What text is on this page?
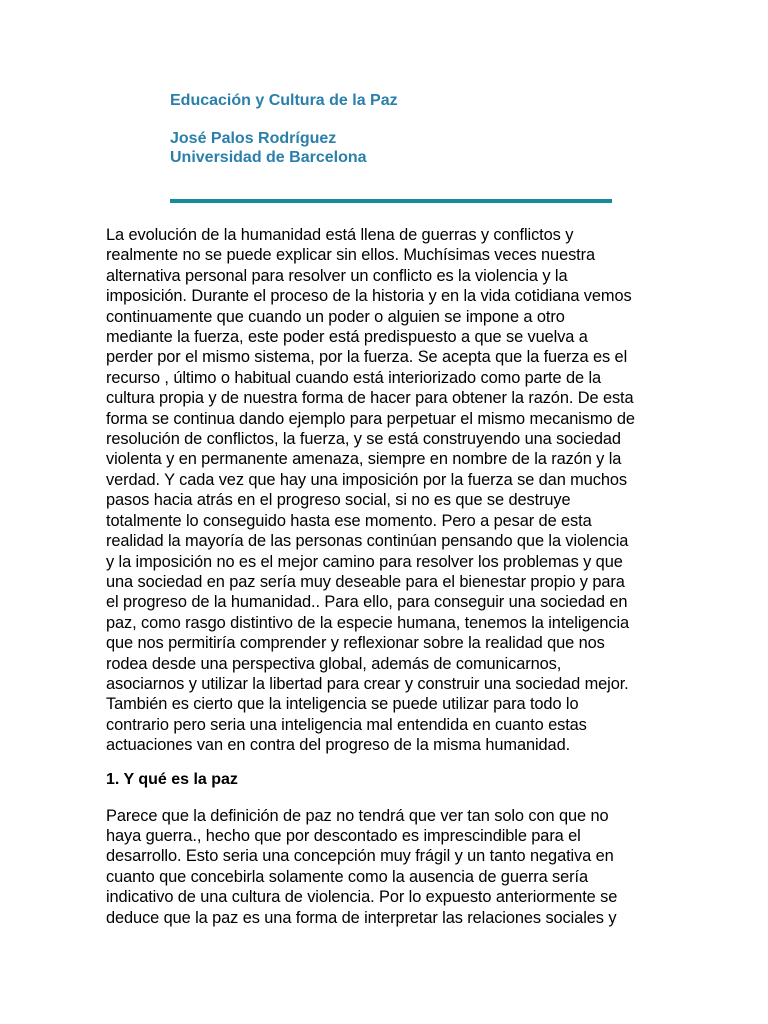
Educación y Cultura de la Paz

José Palos Rodríguez

Universidad de Barcelona

La evolución de la humanidad está llena de guerras y conflictos y
realmente no se puede explicar sin ellos. Muchísimas veces nuestra
alternativa personal para resolver un conflicto es la violencia y la
imposición. Durante el proceso de la historia y en la vida cotidiana vemos
continuamente que cuando un poder o alguien se impone a otro
mediante la fuerza, este poder está predispuesto a que se vuelva a
perder por el mismo sistema, por la fuerza. Se acepta que la fuerza es el
recurso , último o habitual cuando está interiorizado como parte de la
cultura propia y de nuestra forma de hacer para obtener la razón. De esta
forma se continua dando ejemplo para perpetuar el mismo mecanismo de
resolución de conflictos, la fuerza, y se está construyendo una sociedad
violenta y en permanente amenaza, siempre en nombre de la razón y la
verdad. Y cada vez que hay una imposición por la fuerza se dan muchos
pasos hacia atrás en el progreso social, si no es que se destruye
totalmente lo conseguido hasta ese momento. Pero a pesar de esta
realidad la mayoría de las personas continúan pensando que la violencia
y la imposición no es el mejor camino para resolver los problemas y que
una sociedad en paz sería muy deseable para el bienestar propio y para
el progreso de la humanidad.. Para ello, para conseguir una sociedad en
paz, como rasgo distintivo de la especie humana, tenemos la inteligencia
que nos permitiría comprender y reflexionar sobre la realidad que nos
rodea desde una perspectiva global, además de comunicarnos,
asociarnos y utilizar la libertad para crear y construir una sociedad mejor.
También es cierto que la inteligencia se puede utilizar para todo lo
contrario pero seria una inteligencia mal entendida en cuanto estas
actuaciones van en contra del progreso de la misma humanidad.

1. Y qué es la paz

Parece que la definición de paz no tendrá que ver tan solo con que no
haya guerra., hecho que por descontado es imprescindible para el
desarrollo. Esto seria una concepción muy frágil y un tanto negativa en
cuanto que concebirla solamente como la ausencia de guerra sería
indicativo de una cultura de violencia. Por lo expuesto anteriormente se
deduce que la paz es una forma de interpretar las relaciones sociales y
